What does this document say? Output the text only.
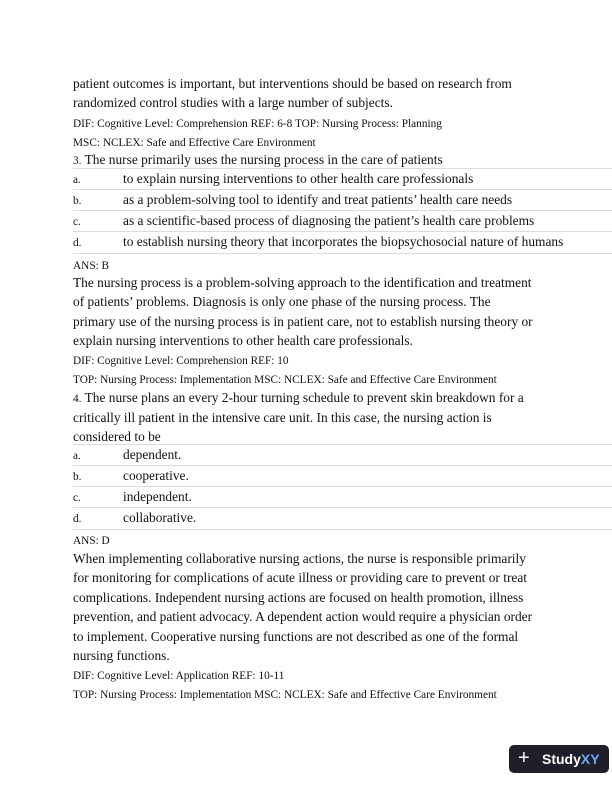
patient outcomes is important, but interventions should be based on research from
randomized control studies with a large number of subjects.
DIF: Cognitive Level: Comprehension REF: 6-8 TOP: Nursing Process: Planning
MSC: NCLEX: Safe and Effective Care Environment
3. The nurse primarily uses the nursing process in the care of patients
a.	to explain nursing interventions to other health care professionals
b.	as a problem-solving tool to identify and treat patients’ health care needs
c.	as a scientific-based process of diagnosing the patient’s health care problems
d.	to establish nursing theory that incorporates the biopsychosocial nature of humans
ANS: B
The nursing process is a problem-solving approach to the identification and treatment
of patients’ problems. Diagnosis is only one phase of the nursing process. The
primary use of the nursing process is in patient care, not to establish nursing theory or
explain nursing interventions to other health care professionals.
DIF: Cognitive Level: Comprehension REF: 10
TOP: Nursing Process: Implementation MSC: NCLEX: Safe and Effective Care Environment
4. The nurse plans an every 2-hour turning schedule to prevent skin breakdown for a
critically ill patient in the intensive care unit. In this case, the nursing action is
considered to be
a.	dependent.
b.	cooperative.
c.	independent.
d.	collaborative.
ANS: D
When implementing collaborative nursing actions, the nurse is responsible primarily
for monitoring for complications of acute illness or providing care to prevent or treat
complications. Independent nursing actions are focused on health promotion, illness
prevention, and patient advocacy. A dependent action would require a physician order
to implement. Cooperative nursing functions are not described as one of the formal
nursing functions.
DIF: Cognitive Level: Application REF: 10-11
TOP: Nursing Process: Implementation MSC: NCLEX: Safe and Effective Care Environment
+ StudyXY
